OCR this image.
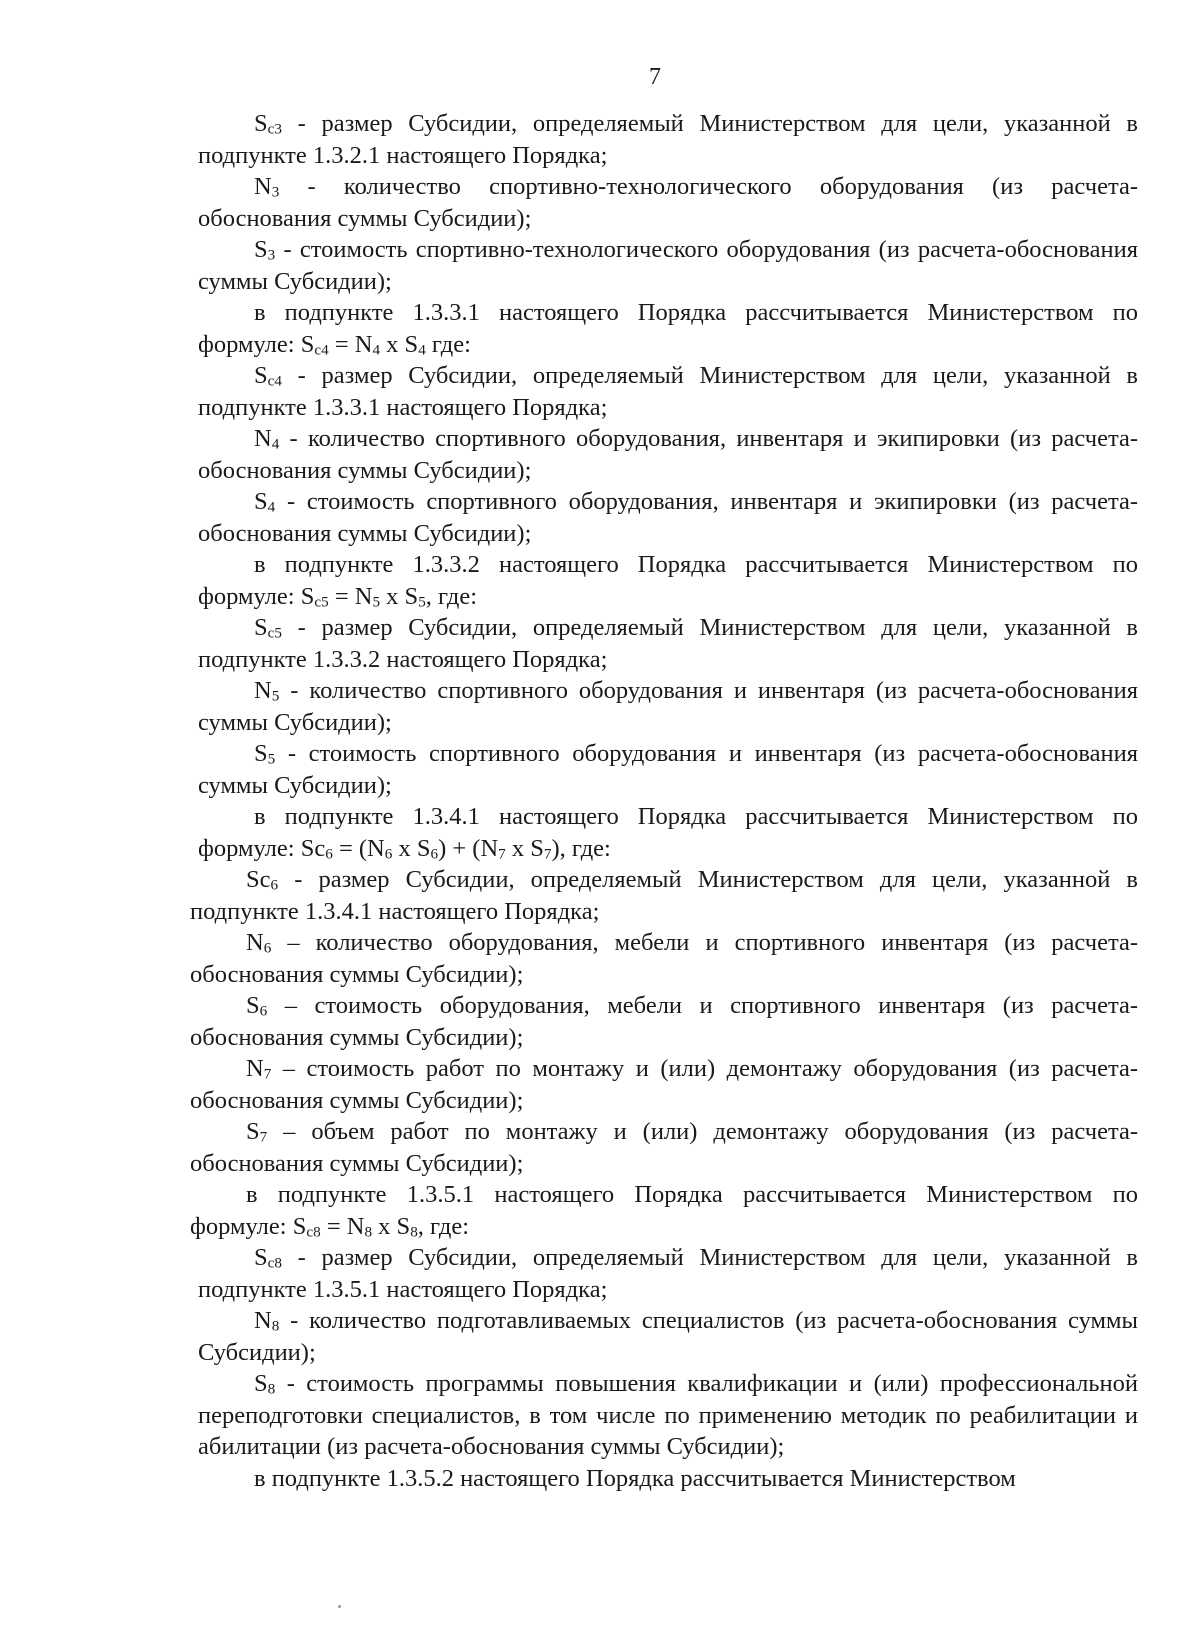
7

$S_{c3}$ - размер Субсидии, определяемый Министерством для цели, указанной в подпункте 1.3.2.1 настоящего Порядка;

$N_3$ - количество спортивно-технологического оборудования (из расчета-обоснования суммы Субсидии);

$S_3$ - стоимость спортивно-технологического оборудования (из расчета-обоснования суммы Субсидии);

в подпункте 1.3.3.1 настоящего Порядка рассчитывается Министерством по формуле: $S_{c4} = N_4$ x $S_4$ где:

$S_{c4}$ - размер Субсидии, определяемый Министерством для цели, указанной в подпункте 1.3.3.1 настоящего Порядка;

$N_4$ - количество спортивного оборудования, инвентаря и экипировки (из расчета-обоснования суммы Субсидии);

$S_4$ - стоимость спортивного оборудования, инвентаря и экипировки (из расчета-обоснования суммы Субсидии);

в подпункте 1.3.3.2 настоящего Порядка рассчитывается Министерством по формуле: $S_{c5} = N_5$ x $S_5$, где:

$S_{c5}$ - размер Субсидии, определяемый Министерством для цели, указанной в подпункте 1.3.3.2 настоящего Порядка;

$N_5$ - количество спортивного оборудования и инвентаря (из расчета-обоснования суммы Субсидии);

$S_5$ - стоимость спортивного оборудования и инвентаря (из расчета-обоснования суммы Субсидии);

в подпункте 1.3.4.1 настоящего Порядка рассчитывается Министерством по формуле: $Sc_6 = (N_6$ x $S_6) + (N_7$ x $S_7$), где:

$Sc_6$ - размер Субсидии, определяемый Министерством для цели, указанной в подпункте 1.3.4.1 настоящего Порядка;

$N_6$ – количество оборудования, мебели и спортивного инвентаря (из расчета-обоснования суммы Субсидии);

$S_6$ – стоимость оборудования, мебели и спортивного инвентаря (из расчета-обоснования суммы Субсидии);

$N_7$ – стоимость работ по монтажу и (или) демонтажу оборудования (из расчета-обоснования суммы Субсидии);

$S_7$ – объем работ по монтажу и (или) демонтажу оборудования (из расчета-обоснования суммы Субсидии);

в подпункте 1.3.5.1 настоящего Порядка рассчитывается Министерством по формуле: $S_{c8} = N_8$ x $S_8$, где:

$S_{c8}$ - размер Субсидии, определяемый Министерством для цели, указанной в подпункте 1.3.5.1 настоящего Порядка;

$N_8$ - количество подготавливаемых специалистов (из расчета-обоснования суммы Субсидии);

$S_8$ - стоимость программы повышения квалификации и (или) профессиональной переподготовки специалистов, в том числе по применению методик по реабилитации и абилитации (из расчета-обоснования суммы Субсидии);

в подпункте 1.3.5.2 настоящего Порядка рассчитывается Министерством
